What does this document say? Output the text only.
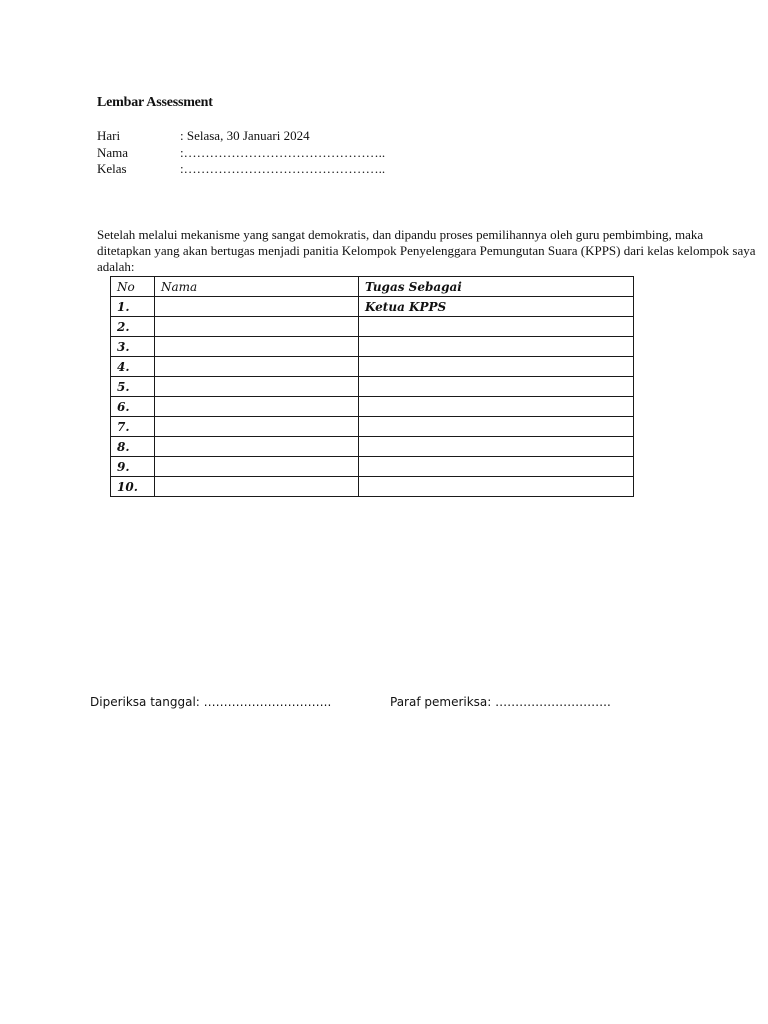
Lembar Assessment
Hari	: Selasa, 30 Januari 2024
Nama	:………………………………………..
Kelas	:………………………………………..
Setelah melalui mekanisme yang sangat demokratis, dan dipandu proses pemilihannya oleh guru pembimbing, maka
ditetapkan yang akan bertugas menjadi panitia Kelompok Penyelenggara Pemungutan Suara (KPPS) dari kelas kelompok saya
adalah:
No	Nama	Tugas Sebagai
1.		Ketua KPPS
2.		
3.		
4.		
5.		
6.		
7.		
8.		
9.		
10.		
Diperiksa tanggal: …………………………..	Paraf pemeriksa: ………………………..
